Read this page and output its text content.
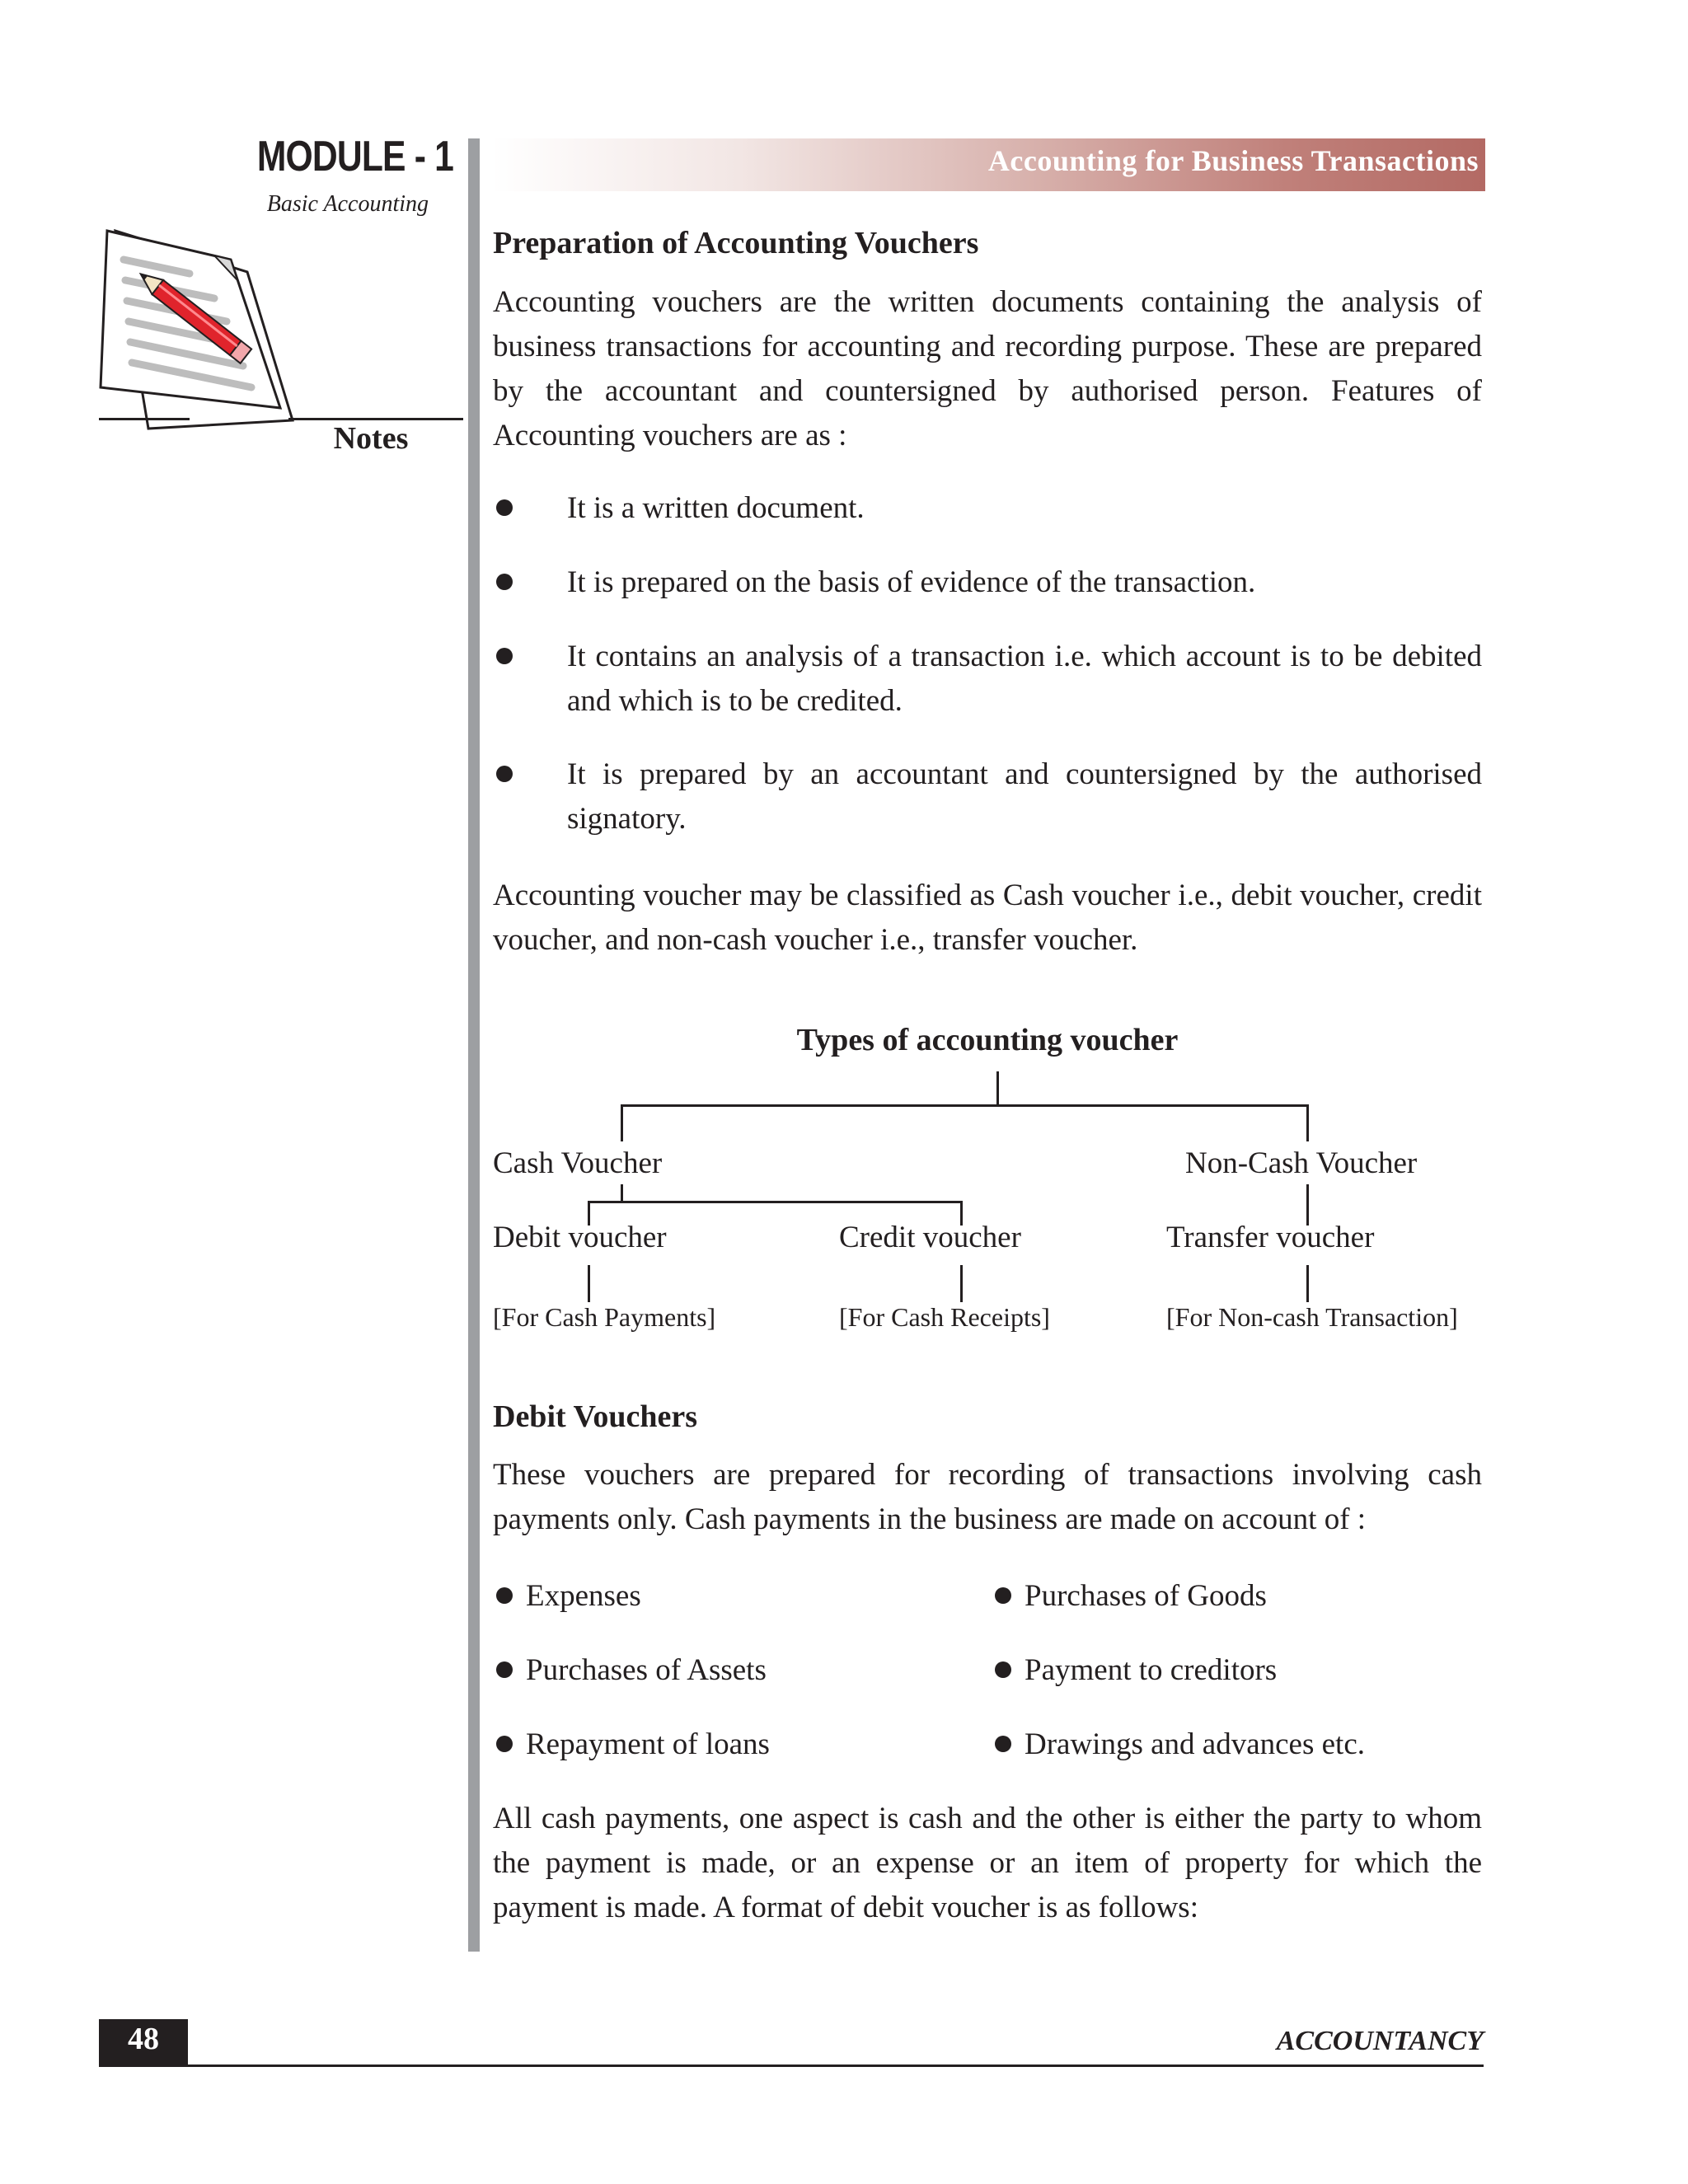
MODULE - 1
Basic Accounting
Notes
Accounting for Business Transactions
Preparation of Accounting Vouchers
Accounting vouchers are the written documents containing the analysis of business transactions for accounting and recording purpose. These are prepared by the accountant and countersigned by authorised person. Features of Accounting vouchers are as :
It is a written document.
It is prepared on the basis of evidence of the transaction.
It contains an analysis of a transaction i.e. which account is to be debited and which is to be credited.
It is prepared by an accountant and countersigned by the authorised signatory.
Accounting voucher may be classified as Cash voucher i.e., debit voucher, credit voucher, and non-cash voucher i.e., transfer voucher.
Types of accounting voucher
Cash Voucher	Non-Cash Voucher
Debit voucher	Credit voucher	Transfer voucher
[For Cash Payments]	[For Cash Receipts]	[For Non-cash Transaction]
Debit Vouchers
These vouchers are prepared for recording of transactions involving cash payments only. Cash payments in the business are made on account of :
Expenses
Purchases of Assets
Repayment of loans
Purchases of Goods
Payment to creditors
Drawings and advances etc.
All cash payments, one aspect is cash and the other is either the party to whom the payment is made, or an expense or an item of property for which the payment is made. A format of debit voucher is as follows:
48	ACCOUNTANCY
